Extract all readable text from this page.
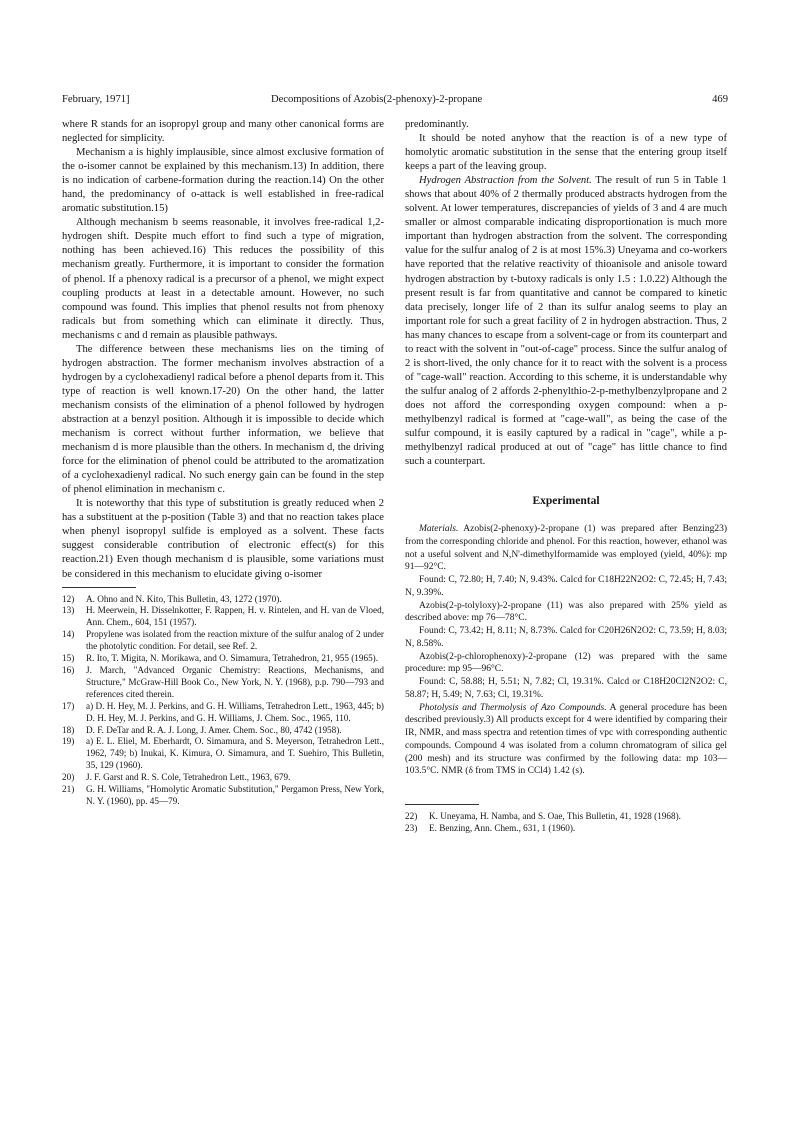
February, 1971]	Decompositions of Azobis(2-phenoxy)-2-propane	469

where R stands for an isopropyl group and many other canonical forms are neglected for simplicity.

Mechanism a is highly implausible, since almost exclusive formation of the o-isomer cannot be explained by this mechanism.13) In addition, there is no indication of carbene-formation during the reaction.14) On the other hand, the predominancy of o-attack is well established in free-radical aromatic substitution.15)

Although mechanism b seems reasonable, it involves free-radical 1,2-hydrogen shift. Despite much effort to find such a type of migration, nothing has been achieved.16) This reduces the possibility of this mechanism greatly. Furthermore, it is important to consider the formation of phenol. If a phenoxy radical is a precursor of a phenol, we might expect coupling products at least in a detectable amount. However, no such compound was found. This implies that phenol results not from phenoxy radicals but from something which can eliminate it directly. Thus, mechanisms c and d remain as plausible pathways.

The difference between these mechanisms lies on the timing of hydrogen abstraction. The former mechanism involves abstraction of a hydrogen by a cyclohexadienyl radical before a phenol departs from it. This type of reaction is well known.17-20) On the other hand, the latter mechanism consists of the elimination of a phenol followed by hydrogen abstraction at a benzyl position. Although it is impossible to decide which mechanism is correct without further information, we believe that mechanism d is more plausible than the others. In mechanism d, the driving force for the elimination of phenol could be attributed to the aromatization of a cyclohexadienyl radical. No such energy gain can be found in the step of phenol elimination in mechanism c.

It is noteworthy that this type of substitution is greatly reduced when 2 has a substituent at the p-position (Table 3) and that no reaction takes place when phenyl isopropyl sulfide is employed as a solvent. These facts suggest considerable contribution of electronic effect(s) for this reaction.21) Even though mechanism d is plausible, some variations must be considered in this mechanism to elucidate giving o-isomer

12) A. Ohno and N. Kito, This Bulletin, 43, 1272 (1970).

13) H. Meerwein, H. Disselnkotter, F. Rappen, H. v. Rintelen, and H. van de Vloed, Ann. Chem., 604, 151 (1957).

14) Propylene was isolated from the reaction mixture of the sulfur analog of 2 under the photolytic condition. For detail, see Ref. 2.

15) R. Ito, T. Migita, N. Morikawa, and O. Simamura, Tetrahedron, 21, 955 (1965).

16) J. March, "Advanced Organic Chemistry: Reactions, Mechanisms, and Structure," McGraw-Hill Book Co., New York, N. Y. (1968), p.p. 790—793 and references cited therein.

17) a) D. H. Hey, M. J. Perkins, and G. H. Williams, Tetrahedron Lett., 1963, 445; b) D. H. Hey, M. J. Perkins, and G. H. Williams, J. Chem. Soc., 1965, 110.

18) D. F. DeTar and R. A. J. Long, J. Amer. Chem. Soc., 80, 4742 (1958).

19) a) E. L. Eliel, M. Eberhardt, O. Simamura, and S. Meyerson, Tetrahedron Lett., 1962, 749; b) Inukai, K. Kimura, O. Simamura, and T. Suehiro, This Bulletin, 35, 129 (1960).

20) J. F. Garst and R. S. Cole, Tetrahedron Lett., 1963, 679.

21) G. H. Williams, "Homolytic Aromatic Substitution," Pergamon Press, New York, N. Y. (1960), pp. 45—79.

predominantly.

It should be noted anyhow that the reaction is of a new type of homolytic aromatic substitution in the sense that the entering group itself keeps a part of the leaving group.

Hydrogen Abstraction from the Solvent. The result of run 5 in Table 1 shows that about 40% of 2 thermally produced abstracts hydrogen from the solvent. At lower temperatures, discrepancies of yields of 3 and 4 are much smaller or almost comparable indicating disproportionation is much more important than hydrogen abstraction from the solvent. The corresponding value for the sulfur analog of 2 is at most 15%.3) Uneyama and co-workers have reported that the relative reactivity of thioanisole and anisole toward hydrogen abstraction by t-butoxy radicals is only 1.5 : 1.0.22) Although the present result is far from quantitative and cannot be compared to kinetic data precisely, longer life of 2 than its sulfur analog seems to play an important role for such a great facility of 2 in hydrogen abstraction. Thus, 2 has many chances to escape from a solvent-cage or from its counterpart and to react with the solvent in "out-of-cage" process. Since the sulfur analog of 2 is short-lived, the only chance for it to react with the solvent is a process of "cage-wall" reaction. According to this scheme, it is understandable why the sulfur analog of 2 affords 2-phenylthio-2-p-methylbenzylpropane and 2 does not afford the corresponding oxygen compound: when a p-methylbenzyl radical is formed at "cage-wall", as being the case of the sulfur compound, it is easily captured by a radical in "cage", while a p-methylbenzyl radical produced at out of "cage" has little chance to find such a counterpart.

Experimental

Materials. Azobis(2-phenoxy)-2-propane (1) was prepared after Benzing23) from the corresponding chloride and phenol. For this reaction, however, ethanol was not a useful solvent and N,N'-dimethylformamide was employed (yield, 40%): mp 91—92°C.

Found: C, 72.80; H, 7.40; N, 9.43%. Calcd for C18H22N2O2: C, 72.45; H, 7.43; N, 9.39%.

Azobis(2-p-tolyloxy)-2-propane (11) was also prepared with 25% yield as described above: mp 76—78°C.

Found: C, 73.42; H, 8.11; N, 8.73%. Calcd for C20H26N2O2: C, 73.59; H, 8.03; N, 8.58%.

Azobis(2-p-chlorophenoxy)-2-propane (12) was prepared with the same procedure: mp 95—96°C.

Found: C, 58.88; H, 5.51; N, 7.82; Cl, 19.31%. Calcd or C18H20Cl2N2O2: C, 58.87; H, 5.49; N, 7.63; Cl, 19.31%.

Photolysis and Thermolysis of Azo Compounds. A general procedure has been described previously.3) All products except for 4 were identified by comparing their IR, NMR, and mass spectra and retention times of vpc with corresponding authentic compounds. Compound 4 was isolated from a column chromatogram of silica gel (200 mesh) and its structure was confirmed by the following data: mp 103—103.5°C. NMR (δ from TMS in CCl4) 1.42 (s).

22) K. Uneyama, H. Namba, and S. Oae, This Bulletin, 41, 1928 (1968).

23) E. Benzing, Ann. Chem., 631, 1 (1960).
